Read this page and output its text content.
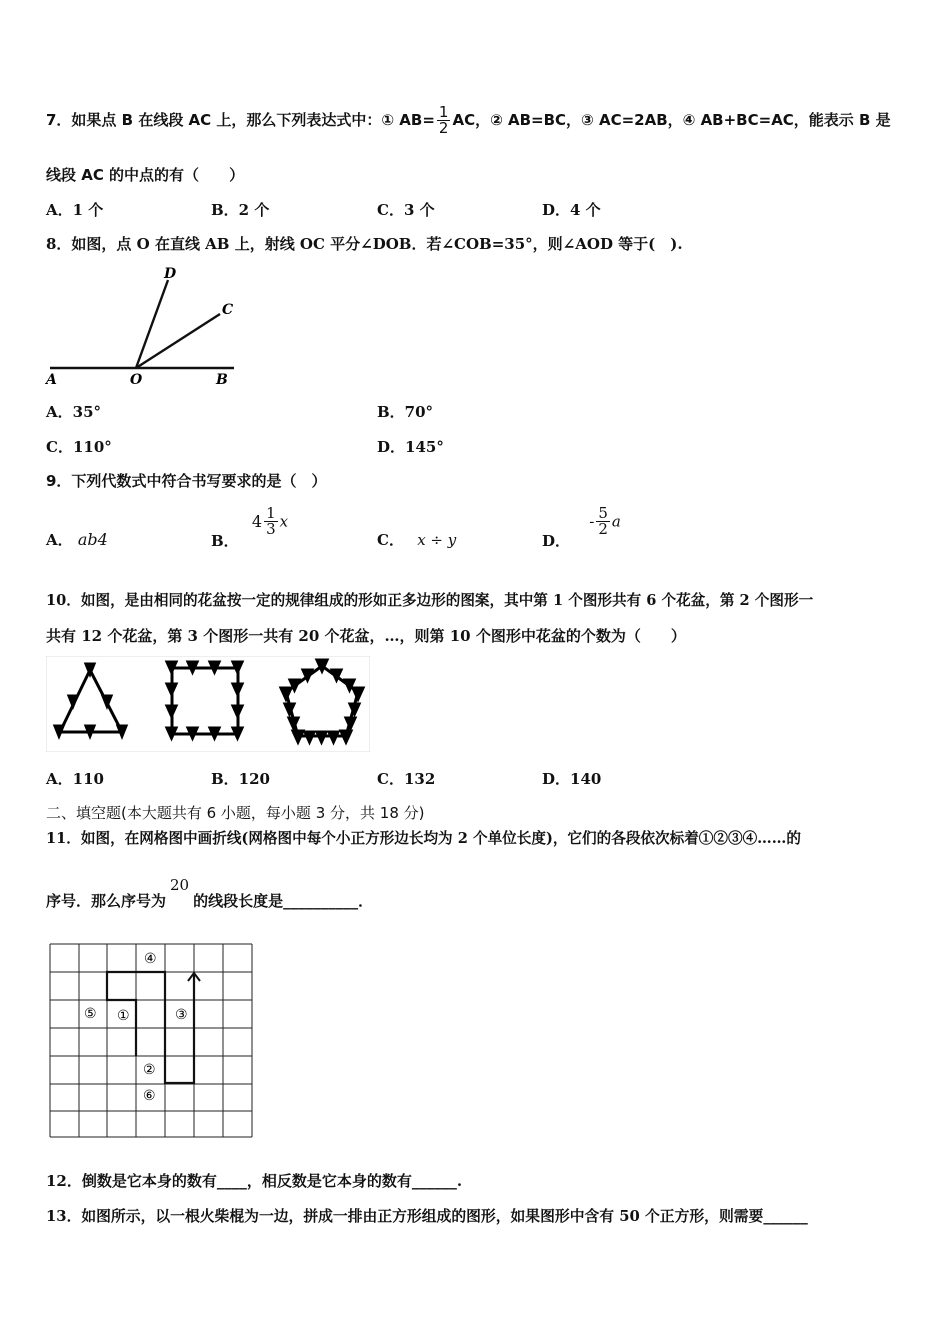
7．如果点 B 在线段 AC 上，那么下列表达式中：① $AB= \frac{1}{2}$ AC，② AB=BC，③ AC=2AB，④ AB+BC=AC，能表示 B 是
线段 AC 的中点的有（　　）
A．1 个	B．2 个	C．3 个	D．4 个
8．如图，点 O 在直线 AB 上，射线 OC 平分∠DOB．若∠COB=35°，则∠AOD 等于(　).
A	O	B
C
D
A．35°	B．70°
C．110°	D．145°
9．下列代数式中符合书写要求的是（　）
A． ab4	B． $4 \frac{1}{3}$ x
C． x ÷ y	D． - $\frac{5}{2}$ a
10．如图，是由相同的花盆按一定的规律组成的形如正多边形的图案，其中第 1 个图形共有 6 个花盆，第 2 个图形一
共有 12 个花盆，第 3 个图形一共有 20 个花盆，…，则第 10 个图形中花盆的个数为（　　）
A．110	B．120	C．132	D．140
二、填空题(本大题共有 6 小题，每小题 3 分，共 18 分)
11．如图，在网格图中画折线(网格图中每个小正方形边长均为 2 个单位长度)，它们的各段依次标着①②③④……的
序号．那么序号为20的线段长度是__________．
④
⑤ ①	③
②
⑥
12．倒数是它本身的数有____，相反数是它本身的数有______.
13．如图所示，以一根火柴棍为一边，拼成一排由正方形组成的图形，如果图形中含有 50 个正方形，则需要______
